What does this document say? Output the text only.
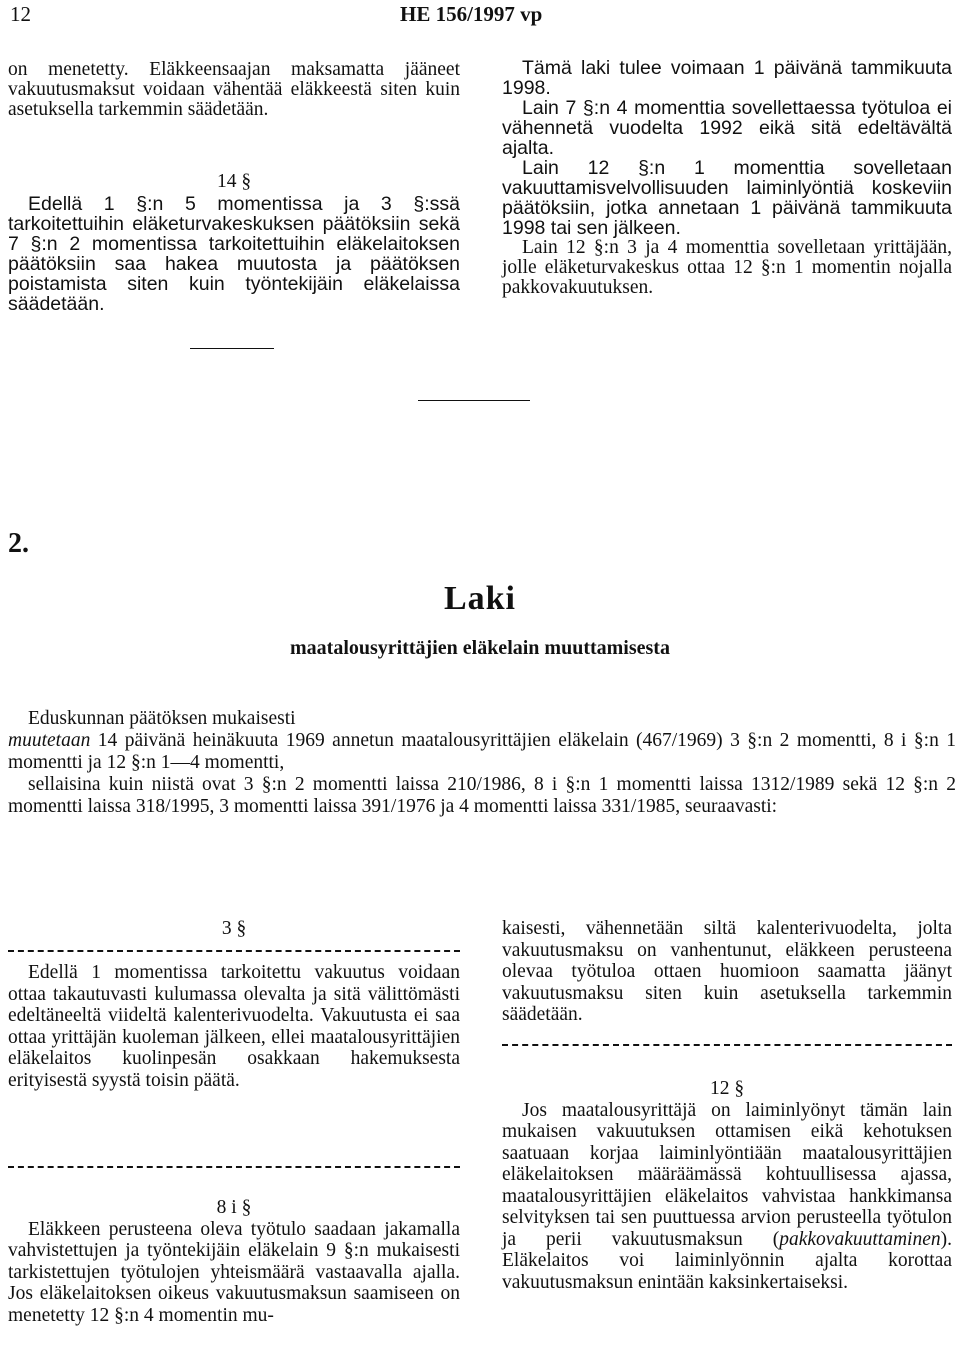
12	HE 156/1997 vp

on menetetty. Eläkkeensaajan maksamatta jääneet vakuutusmaksut voidaan vähentää eläkkeestä siten kuin asetuksella tarkemmin säädetään.

14 §

Edellä 1 §:n 5 momentissa ja 3 §:ssä tarkoitettuihin eläketurvakeskuksen päätöksiin sekä 7 §:n 2 momentissa tarkoitettuihin eläkelaitoksen päätöksiin saa hakea muutosta ja päätöksen poistamista siten kuin työntekijäin eläkelaissa säädetään.

Tämä laki tulee voimaan 1 päivänä tammikuuta 1998.

Lain 7 §:n 4 momenttia sovellettaessa työtuloa ei vähennetä vuodelta 1992 eikä sitä edeltävältä ajalta.

Lain 12 §:n 1 momenttia sovelletaan vakuuttamisvelvollisuuden laiminlyöntiä koskeviin päätöksiin, jotka annetaan 1 päivänä tammikuuta 1998 tai sen jälkeen.

Lain 12 §:n 3 ja 4 momenttia sovelletaan yrittäjään, jolle eläketurvakeskus ottaa 12 §:n 1 momentin nojalla pakkovakuutuksen.

2.
Laki
maatalousyrittäjien eläkelain muuttamisesta

Eduskunnan päätöksen mukaisesti

muutetaan 14 päivänä heinäkuuta 1969 annetun maatalousyrittäjien eläkelain (467/1969) 3 §:n 2 momentti, 8 i §:n 1 momentti ja 12 §:n 1—4 momentti,

sellaisina kuin niistä ovat 3 §:n 2 momentti laissa 210/1986, 8 i §:n 1 momentti laissa 1312/1989 sekä 12 §:n 2 momentti laissa 318/1995, 3 momentti laissa 391/1976 ja 4 momentti laissa 331/1985, seuraavasti:

3 §

Edellä 1 momentissa tarkoitettu vakuutus voidaan ottaa takautuvasti kulumassa olevalta ja sitä välittömästi edeltäneeltä viideltä kalenterivuodelta. Vakuutusta ei saa ottaa yrittäjän kuoleman jälkeen, ellei maatalousyrittäjien eläkelaitos kuolinpesän osakkaan hakemuksesta erityisestä syystä toisin päätä.

8 i §

Eläkkeen perusteena oleva työtulo saadaan jakamalla vahvistettujen ja työntekijäin eläkelain 9 §:n mukaisesti tarkistettujen työtulojen yhteismäärä vastaavalla ajalla. Jos eläkelaitoksen oikeus vakuutusmaksun saamiseen on menetetty 12 §:n 4 momentin mu-

kaisesti, vähennetään siltä kalenterivuodelta, jolta vakuutusmaksu on vanhentunut, eläkkeen perusteena olevaa työtuloa ottaen huomioon saamatta jäänyt vakuutusmaksu siten kuin asetuksella tarkemmin säädetään.

12 §

Jos maatalousyrittäjä on laiminlyönyt tämän lain mukaisen vakuutuksen ottamisen eikä kehotuksen saatuaan korjaa laiminlyöntiään maatalousyrittäjien eläkelaitoksen määräämässä kohtuullisessa ajassa, maatalousyrittäjien eläkelaitos vahvistaa hankkimansa selvityksen tai sen puuttuessa arvion perusteella työtulon ja perii vakuutusmaksun (pakkovakuuttaminen). Eläkelaitos voi laiminlyönnin ajalta korottaa vakuutusmaksun enintään kaksinkertaiseksi.
